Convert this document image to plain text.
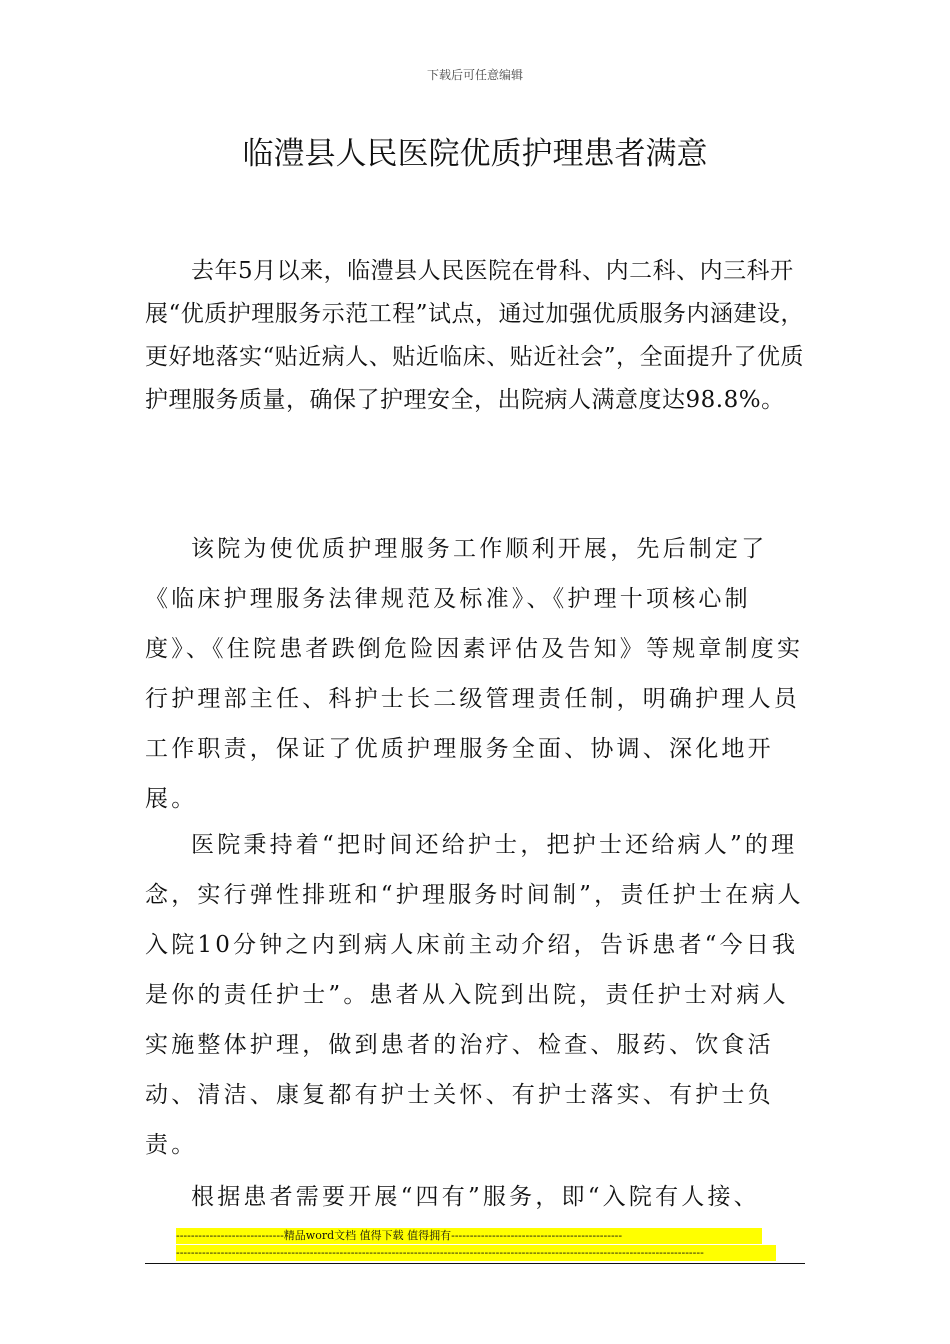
下载后可任意编辑
临澧县人民医院优质护理患者满意

去年5月以来，临澧县人民医院在骨科、内二科、内三科开展“优质护理服务示范工程”试点，通过加强优质服务内涵建设，更好地落实“贴近病人、贴近临床、贴近社会”，全面提升了优质护理服务质量，确保了护理安全，出院病人满意度达98.8%。

该院为使优质护理服务工作顺利开展，先后制定了《临床护理服务法律规范及标准》、《护理十项核心制度》、《住院患者跌倒危险因素评估及告知》等规章制度实行护理部主任、科护士长二级管理责任制，明确护理人员工作职责，保证了优质护理服务全面、协调、深化地开展。

医院秉持着“把时间还给护士，把护士还给病人”的理念，实行弹性排班和“护理服务时间制”，责任护士在病人入院10分钟之内到病人床前主动介绍，告诉患者“今日我是你的责任护士”。患者从入院到出院，责任护士对病人实施整体护理，做到患者的治疗、检查、服药、饮食活动、清洁、康复都有护士关怀、有护士落实、有护士负责。

根据患者需要开展“四有”服务，即“入院有人接、

-----------------------------精品word文档 值得下载 值得拥有----------------------------------------------
----------------------------------------------------------------------------------------------------------------------------------------------
